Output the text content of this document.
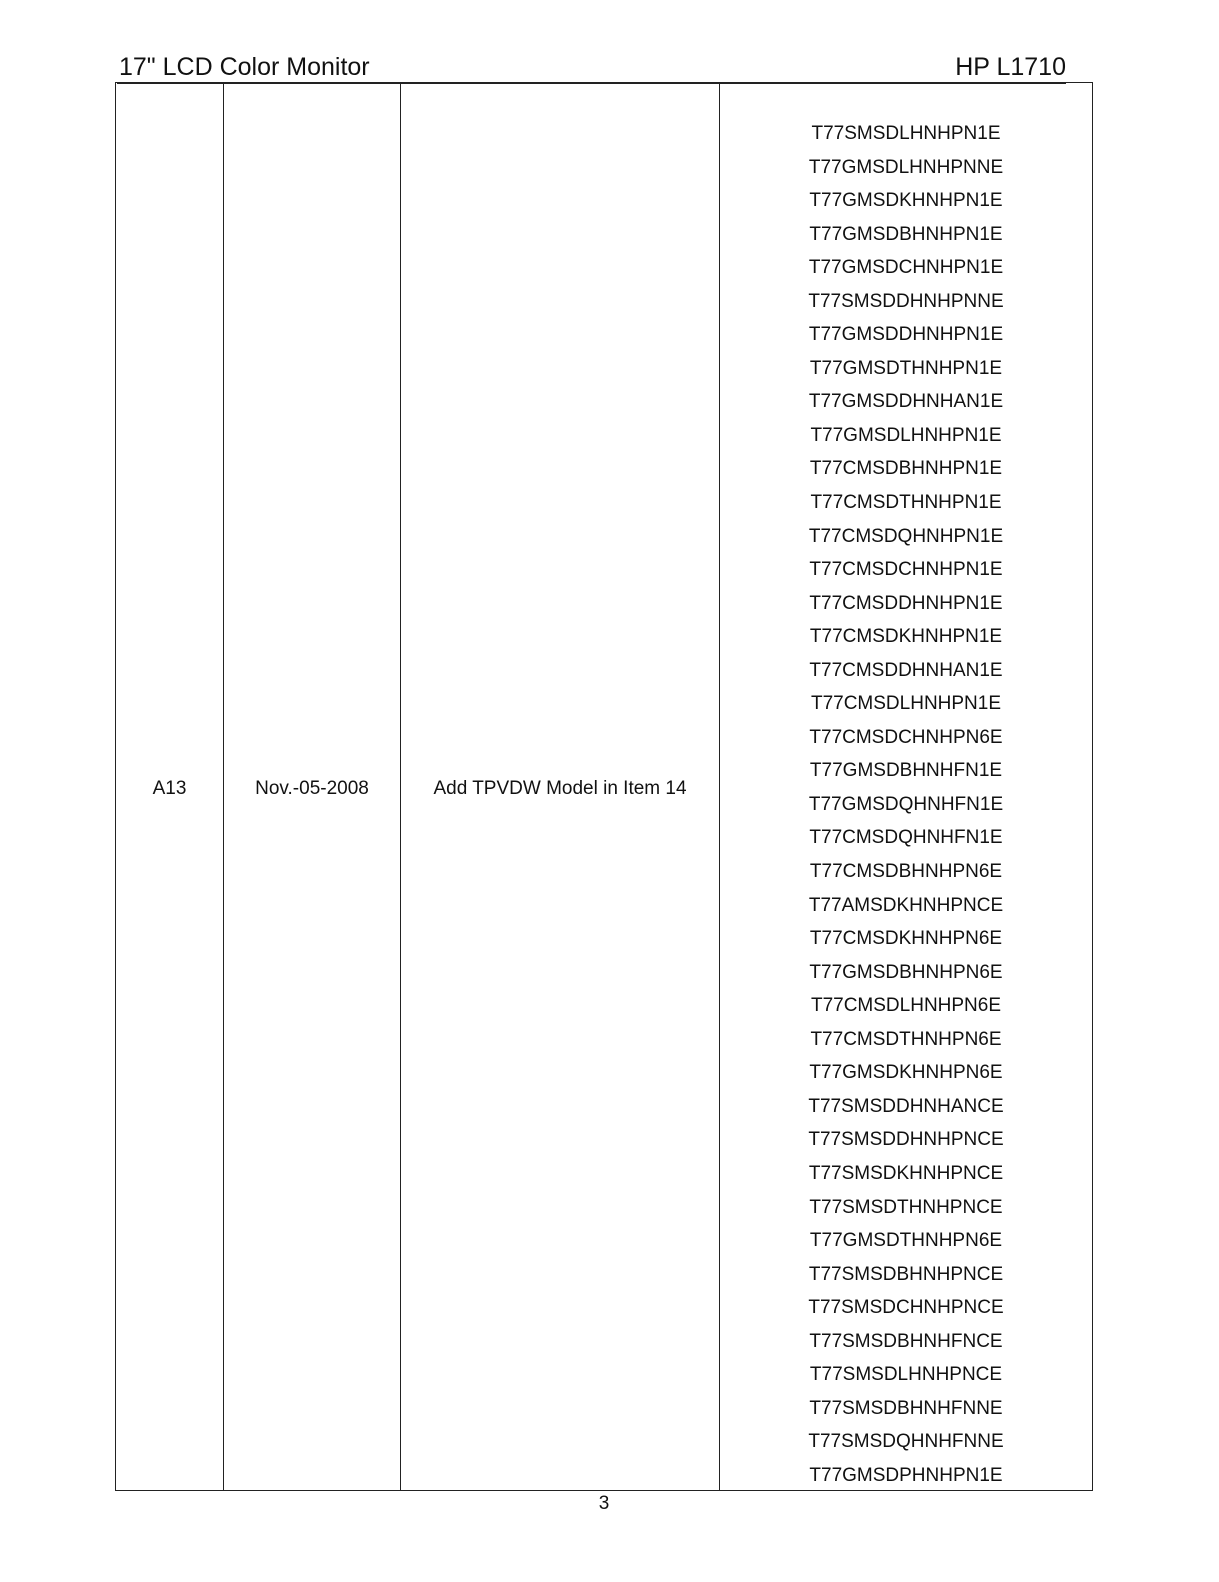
17" LCD Color Monitor	HP L1710
A13	Nov.-05-2008	Add TPVDW Model in Item 14
T77SMSDLHNHPN1E
T77GMSDLHNHPNNE
T77GMSDKHNHPN1E
T77GMSDBHNHPN1E
T77GMSDCHNHPN1E
T77SMSDDHNHPNNE
T77GMSDDHNHPN1E
T77GMSDTHNHPN1E
T77GMSDDHNHAN1E
T77GMSDLHNHPN1E
T77CMSDBHNHPN1E
T77CMSDTHNHPN1E
T77CMSDQHNHPN1E
T77CMSDCHNHPN1E
T77CMSDDHNHPN1E
T77CMSDKHNHPN1E
T77CMSDDHNHAN1E
T77CMSDLHNHPN1E
T77CMSDCHNHPN6E
T77GMSDBHNHFN1E
T77GMSDQHNHFN1E
T77CMSDQHNHFN1E
T77CMSDBHNHPN6E
T77AMSDKHNHPNCE
T77CMSDKHNHPN6E
T77GMSDBHNHPN6E
T77CMSDLHNHPN6E
T77CMSDTHNHPN6E
T77GMSDKHNHPN6E
T77SMSDDHNHANCE
T77SMSDDHNHPNCE
T77SMSDKHNHPNCE
T77SMSDTHNHPNCE
T77GMSDTHNHPN6E
T77SMSDBHNHPNCE
T77SMSDCHNHPNCE
T77SMSDBHNHFNCE
T77SMSDLHNHPNCE
T77SMSDBHNHFNNE
T77SMSDQHNHFNNE
T77GMSDPHNHPN1E
3
